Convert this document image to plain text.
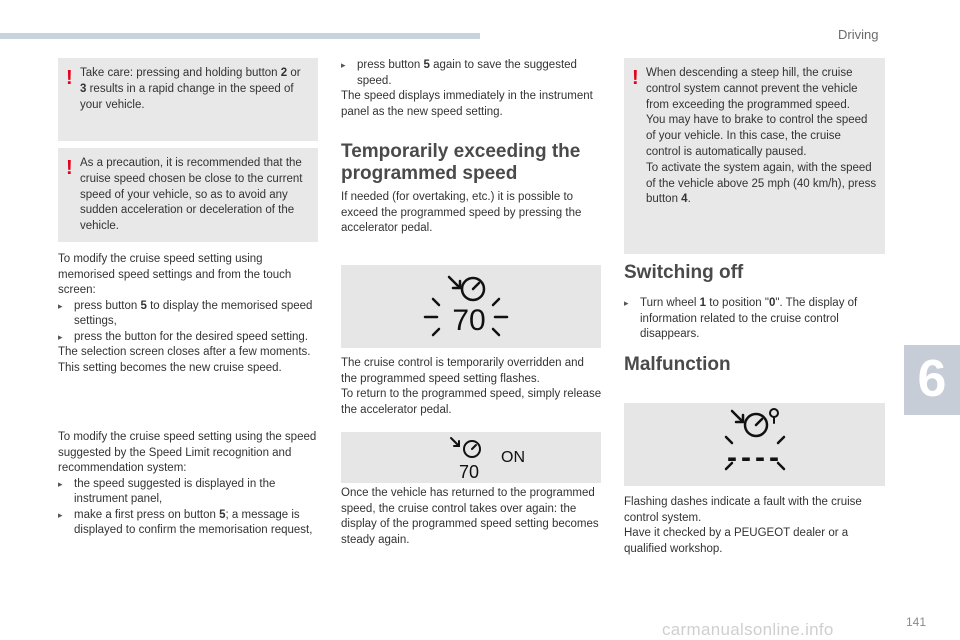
Driving
! Take care: pressing and holding button 2 or 3 results in a rapid change in the speed of your vehicle.
! As a precaution, it is recommended that the cruise speed chosen be close to the current speed of your vehicle, so as to avoid any sudden acceleration or deceleration of the vehicle.

To modify the cruise speed setting using memorised speed settings and from the touch screen:

▸ press button 5 to display the memorised speed settings,
▸ press the button for the desired speed setting.

The selection screen closes after a few moments.

This setting becomes the new cruise speed.

To modify the cruise speed setting using the speed suggested by the Speed Limit recognition and recommendation system:

▸ the speed suggested is displayed in the instrument panel,
▸ make a first press on button 5; a message is displayed to confirm the memorisation request,
▸ press button 5 again to save the suggested speed.

The speed displays immediately in the instrument panel as the new speed setting.

Temporarily exceeding the programmed speed
If needed (for overtaking, etc.) it is possible to exceed the programmed speed by pressing the accelerator pedal.
70

The cruise control is temporarily overridden and the programmed speed setting flashes.

To return to the programmed speed, simply release the accelerator pedal.

ON
70
Once the vehicle has returned to the programmed speed, the cruise control takes over again: the display of the programmed speed setting becomes steady again.
! When descending a steep hill, the cruise control system cannot prevent the vehicle from exceeding the programmed speed.

You may have to brake to control the speed of your vehicle. In this case, the cruise control is automatically paused.

To activate the system again, with the speed of the vehicle above 25 mph (40 km/h), press button 4.

Switching off
▸ Turn wheel 1 to position "0". The display of information related to the cruise control disappears.
Malfunction
----

Flashing dashes indicate a fault with the cruise control system.

Have it checked by a PEUGEOT dealer or a qualified workshop.

6
141
carmanualsonline.info
